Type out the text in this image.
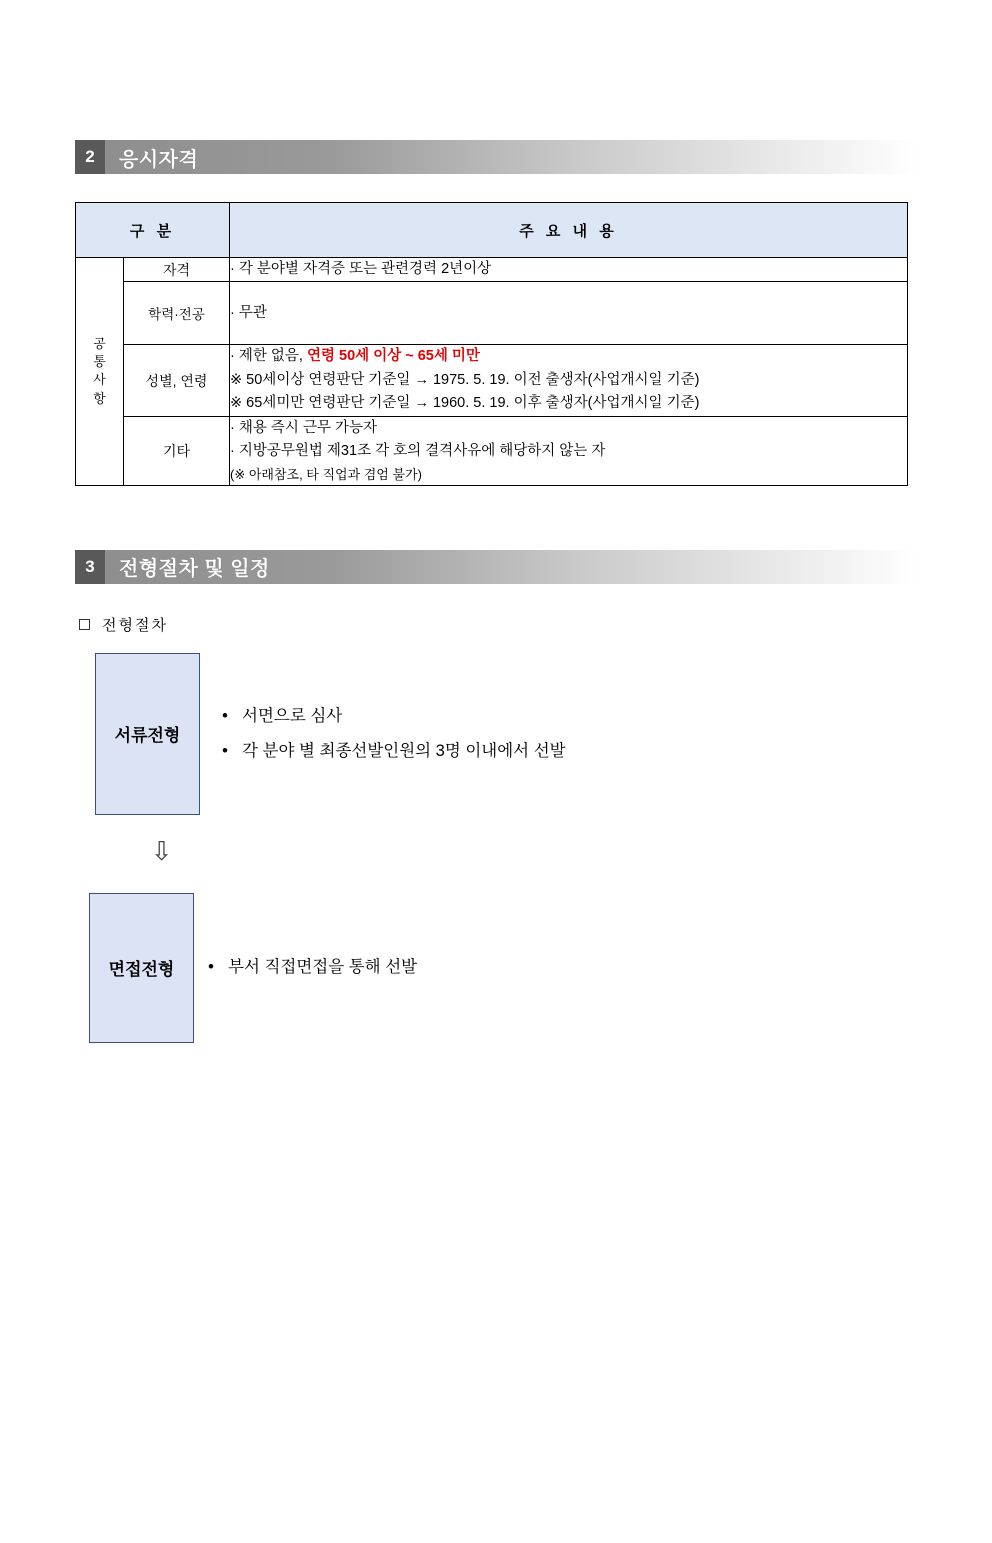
2	응시자격
구 분		주 요 내 용
공
통
사
항	자격	· 각 분야별 자격증 또는 관련경력 2년이상

	학력·전공	· 무관

	성별, 연령	· 제한 없음, 연령 50세 이상 ~ 65세 미만
※ 50세이상 연령판단 기준일 → 1975. 5. 19. 이전 출생자(사업개시일 기준)
※ 65세미만 연령판단 기준일 → 1960. 5. 19. 이후 출생자(사업개시일 기준)

	기타	· 채용 즉시 근무 가능자
· 지방공무원법 제31조 각 호의 결격사유에 해당하지 않는 자
(※ 아래참조, 타 직업과 겸엄 불가)
3	전형절차 및 일정
전형절차
서류전형
• 서면으로 심사
• 각 분야 별 최종선발인원의 3명 이내에서 선발
⇩
면접전형	• 부서 직접면접을 통해 선발
